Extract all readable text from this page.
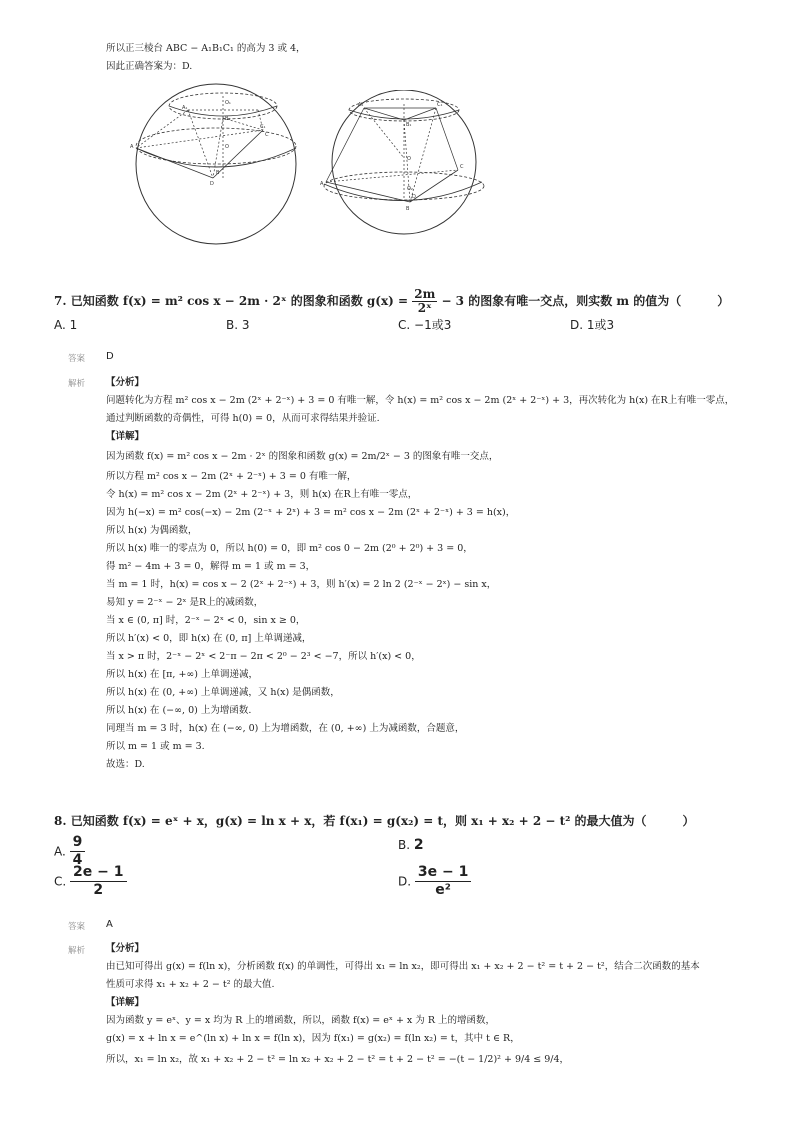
所以正三棱台 ABC − A₁B₁C₁ 的高为 3 或 4，
因此正确答案为：D.
O₁
B₁
C₁
A₁
O
A
B
C
D
A₁
B₁
C₁
O
O₂
A
B
C
D
7. 已知函数 f(x) = m² cos x − 2m · 2ˣ 的图象和函数 $g(x) = \frac{2m}{\text{2ˣ}} - 3$ 的图象有唯一交点，则实数 m 的值为（　　　）
A. 1	B. 3	C. −1或3	D. 1或3
答案 D
解析 【分析】
问题转化为方程 m² cos x − 2m (2ˣ + 2⁻ˣ) + 3 = 0 有唯一解，令 h(x) = m² cos x − 2m (2ˣ + 2⁻ˣ) + 3，再次转化为 h(x) 在R上有唯一零点，
通过判断函数的奇偶性，可得 h(0) = 0，从而可求得结果并验证.
【详解】
因为函数 f(x) = m² cos x − 2m · 2ˣ 的图象和函数 g(x) = 2m/2ˣ − 3 的图象有唯一交点，
所以方程 m² cos x − 2m (2ˣ + 2⁻ˣ) + 3 = 0 有唯一解，
令 h(x) = m² cos x − 2m (2ˣ + 2⁻ˣ) + 3，则 h(x) 在R上有唯一零点，
因为 h(−x) = m² cos(−x) − 2m (2⁻ˣ + 2ˣ) + 3 = m² cos x − 2m (2ˣ + 2⁻ˣ) + 3 = h(x)，
所以 h(x) 为偶函数，
所以 h(x) 唯一的零点为 0，所以 h(0) = 0，即 m² cos 0 − 2m (2⁰ + 2⁰) + 3 = 0，
得 m² − 4m + 3 = 0，解得 m = 1 或 m = 3，
当 m = 1 时，h(x) = cos x − 2 (2ˣ + 2⁻ˣ) + 3，则 h′(x) = 2 ln 2 (2⁻ˣ − 2ˣ) − sin x，
易知 y = 2⁻ˣ − 2ˣ 是R上的减函数，
当 x ∈ (0, π] 时，2⁻ˣ − 2ˣ < 0，sin x ≥ 0，
所以 h′(x) < 0，即 h(x) 在 (0, π] 上单调递减，
当 x > π 时，2⁻ˣ − 2ˣ < 2⁻π − 2π < 2⁰ − 2³ < −7，所以 h′(x) < 0，
所以 h(x) 在 [π, +∞) 上单调递减，
所以 h(x) 在 (0, +∞) 上单调递减，又 h(x) 是偶函数，
所以 h(x) 在 (−∞, 0) 上为增函数.
同理当 m = 3 时，h(x) 在 (−∞, 0) 上为增函数，在 (0, +∞) 上为减函数，合题意，
所以 m = 1 或 m = 3.
故选：D.
8. 已知函数 f(x) = eˣ + x，g(x) = ln x + x，若 f(x₁) = g(x₂) = t，则 x₁ + x₂ + 2 − t² 的最大值为（　　　）
A. $\frac{9}{4}$	B. 2
C. $\frac{2e - 1}{2}$	D. $\frac{3e - 1}{\text{e²}}$
答案 A
解析 【分析】
由已知可得出 g(x) = f(ln x)，分析函数 f(x) 的单调性，可得出 x₁ = ln x₂，即可得出 x₁ + x₂ + 2 − t² = t + 2 − t²，结合二次函数的基本
性质可求得 x₁ + x₂ + 2 − t² 的最大值.
【详解】
因为函数 y = eˣ、y = x 均为 R 上的增函数，所以，函数 f(x) = eˣ + x 为 R 上的增函数，
g(x) = x + ln x = e^(ln x) + ln x = f(ln x)，因为 f(x₁) = g(x₂) = f(ln x₂) = t，其中 t ∈ R，
所以，x₁ = ln x₂，故 x₁ + x₂ + 2 − t² = ln x₂ + x₂ + 2 − t² = t + 2 − t² = −(t − 1/2)² + 9/4 ≤ 9/4，
